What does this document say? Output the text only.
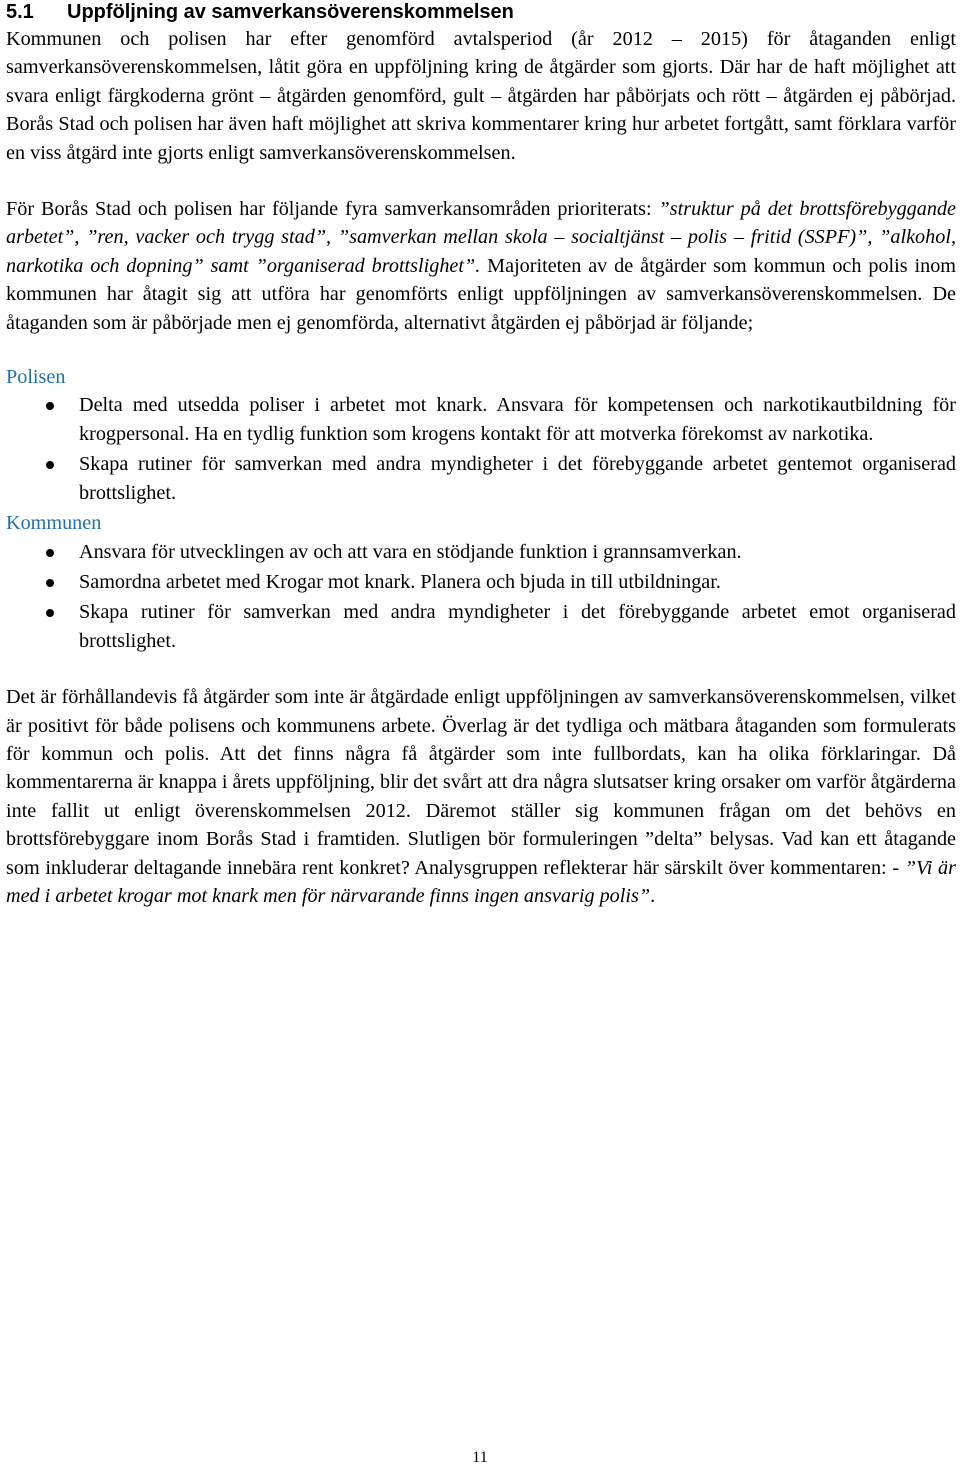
5.1	Uppföljning av samverkansöverenskommelsen

Kommunen och polisen har efter genomförd avtalsperiod (år 2012 – 2015) för åtaganden enligt samverkansöverenskommelsen, låtit göra en uppföljning kring de åtgärder som gjorts. Där har de haft möjlighet att svara enligt färgkoderna grönt – åtgärden genomförd, gult – åtgärden har påbörjats och rött – åtgärden ej påbörjad. Borås Stad och polisen har även haft möjlighet att skriva kommentarer kring hur arbetet fortgått, samt förklara varför en viss åtgärd inte gjorts enligt samverkansöverenskommelsen.

För Borås Stad och polisen har följande fyra samverkansområden prioriterats: ”struktur på det brottsförebyggande arbetet”, ”ren, vacker och trygg stad”, ”samverkan mellan skola – socialtjänst – polis – fritid (SSPF)”, ”alkohol, narkotika och dopning” samt ”organiserad brottslighet”. Majoriteten av de åtgärder som kommun och polis inom kommunen har åtagit sig att utföra har genomförts enligt uppföljningen av samverkansöverenskommelsen. De åtaganden som är påbörjade men ej genomförda, alternativt åtgärden ej påbörjad är följande;

Polisen

Delta med utsedda poliser i arbetet mot knark. Ansvara för kompetensen och narkotikautbildning för krogpersonal. Ha en tydlig funktion som krogens kontakt för att motverka förekomst av narkotika.
Skapa rutiner för samverkan med andra myndigheter i det förebyggande arbetet gentemot organiserad brottslighet.

Kommunen

Ansvara för utvecklingen av och att vara en stödjande funktion i grannsamverkan.
Samordna arbetet med Krogar mot knark. Planera och bjuda in till utbildningar.
Skapa rutiner för samverkan med andra myndigheter i det förebyggande arbetet emot organiserad brottslighet.

Det är förhållandevis få åtgärder som inte är åtgärdade enligt uppföljningen av samverkansöverenskommelsen, vilket är positivt för både polisens och kommunens arbete. Överlag är det tydliga och mätbara åtaganden som formulerats för kommun och polis. Att det finns några få åtgärder som inte fullbordats, kan ha olika förklaringar. Då kommentarerna är knappa i årets uppföljning, blir det svårt att dra några slutsatser kring orsaker om varför åtgärderna inte fallit ut enligt överenskommelsen 2012. Däremot ställer sig kommunen frågan om det behövs en brottsförebyggare inom Borås Stad i framtiden. Slutligen bör formuleringen ”delta” belysas. Vad kan ett åtagande som inkluderar deltagande innebära rent konkret? Analysgruppen reflekterar här särskilt över kommentaren: - ”Vi är med i arbetet krogar mot knark men för närvarande finns ingen ansvarig polis”.

11
